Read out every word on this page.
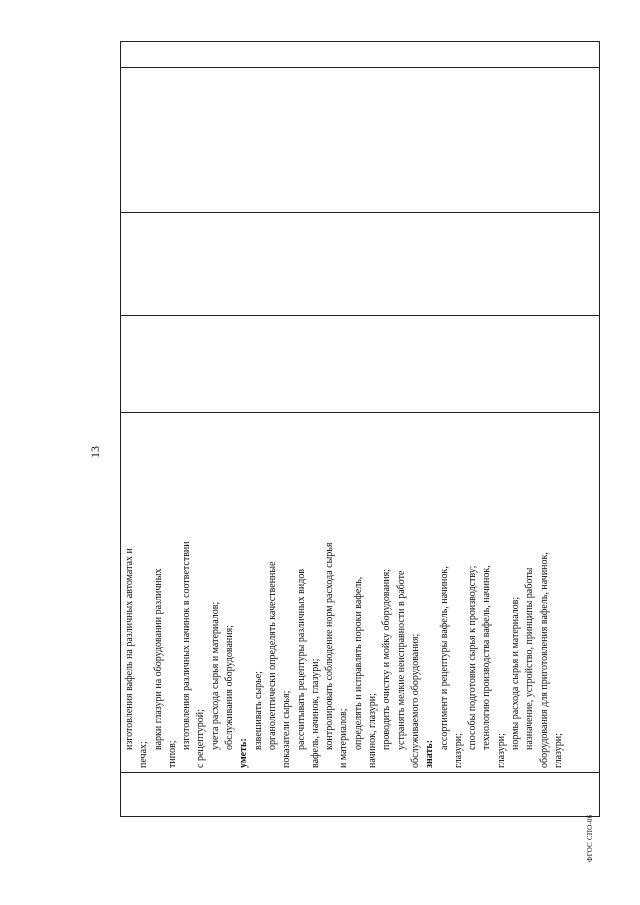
13

изготовления вафель на различных автоматах и
печах;
варки глазури на оборудовании различных
типов;
изготовления различных начинок в соответствии с рецептурой; учета расхода сырья и материалов; обслуживания оборудования;
уметь:
взвешивать сырье; органолептически определять качественные показатели сырья; рассчитывать рецептуры различных видов вафель, начинок, глазури; контролировать соблюдение норм расхода сырья и материалов; определять и исправлять пороки вафель, начинок, глазури; проводить очистку и мойку оборудования; устранять мелкие неисправности в работе обслуживаемого оборудования; знать:
ассортимент и рецептуры вафель, начинок,
глазури;
способы подготовки сырья к производству; технологию производства вафель, начинок,
глазури;
нормы расхода сырья и материалов; назначение, устройство, принципы работы оборудования для приготовления вафель, начинок, глазури;

ФГОС СПО-06
